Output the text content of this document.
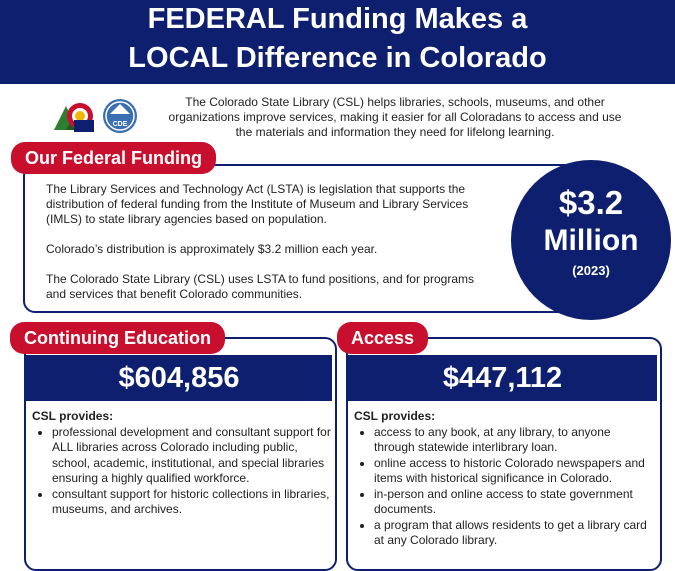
FEDERAL Funding Makes a
LOCAL Difference in Colorado
CDE
The Colorado State Library (CSL) helps libraries, schools, museums, and other organizations improve services, making it easier for all Coloradans to access and use the materials and information they need for lifelong learning.
Our Federal Funding

The Library Services and Technology Act (LSTA) is legislation that supports the distribution of federal funding from the Institute of Museum and Library Services (IMLS) to state library agencies based on population.

Colorado’s distribution is approximately $3.2 million each year.

The Colorado State Library (CSL) uses LSTA to fund positions, and for programs and services that benefit Colorado communities.

$3.2
Million
(2023)
$604,856
Continuing Education
CSL provides:
• professional development and consultant support for ALL libraries across Colorado including public, school, academic, institutional, and special libraries ensuring a highly qualified workforce.
• consultant support for historic collections in libraries, museums, and archives.
$447,112
Access
CSL provides:
• access to any book, at any library, to anyone through statewide interlibrary loan.
• online access to historic Colorado newspapers and items with historical significance in Colorado.
• in-person and online access to state government documents.
• a program that allows residents to get a library card at any Colorado library.
